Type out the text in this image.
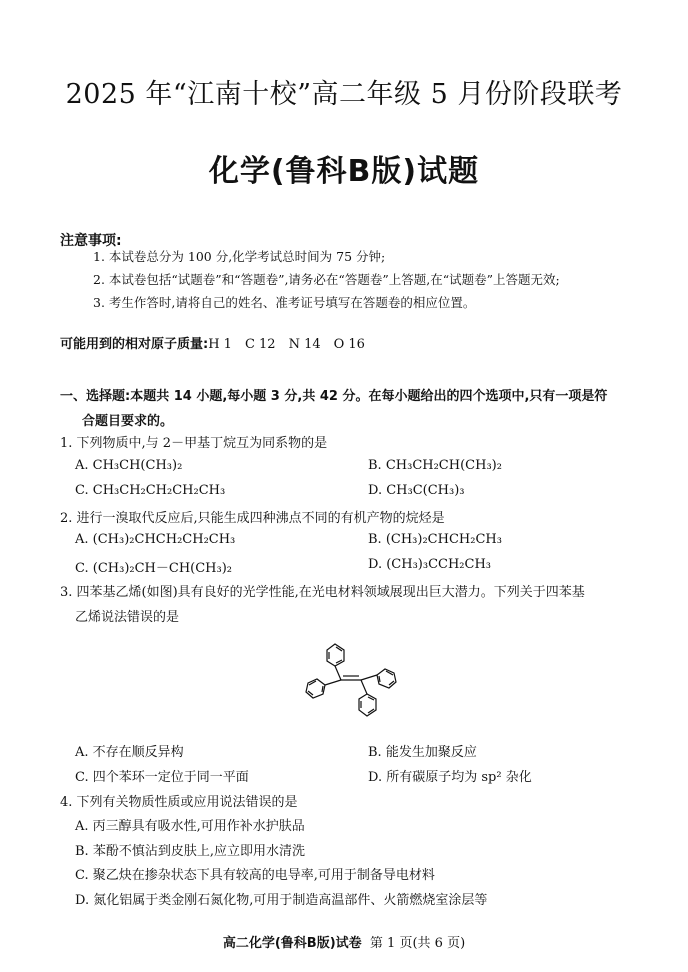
2025 年“江南十校”高二年级 5 月份阶段联考
化学(鲁科B版)试题
注意事项:
1. 本试卷总分为 100 分,化学考试总时间为 75 分钟;
2. 本试卷包括“试题卷”和“答题卷”,请务必在“答题卷”上答题,在“试题卷”上答题无效;
3. 考生作答时,请将自己的姓名、准考证号填写在答题卷的相应位置。
可能用到的相对原子质量:H 1　C 12　N 14　O 16
一、选择题:本题共 14 小题,每小题 3 分,共 42 分。在每小题给出的四个选项中,只有一项是符
合题目要求的。
1. 下列物质中,与 2－甲基丁烷互为同系物的是
A. CH₃CH(CH₃)₂	B. CH₃CH₂CH(CH₃)₂
C. CH₃CH₂CH₂CH₂CH₃	D. CH₃C(CH₃)₃
2. 进行一溴取代反应后,只能生成四种沸点不同的有机产物的烷烃是
A. (CH₃)₂CHCH₂CH₂CH₃	B. (CH₃)₂CHCH₂CH₃
C. (CH₃)₂CH－CH(CH₃)₂	D. (CH₃)₃CCH₂CH₃
3. 四苯基乙烯(如图)具有良好的光学性能,在光电材料领域展现出巨大潜力。下列关于四苯基
乙烯说法错误的是
A. 不存在顺反异构	B. 能发生加聚反应
C. 四个苯环一定位于同一平面	D. 所有碳原子均为 sp² 杂化
4. 下列有关物质性质或应用说法错误的是
A. 丙三醇具有吸水性,可用作补水护肤品
B. 苯酚不慎沾到皮肤上,应立即用水清洗
C. 聚乙炔在掺杂状态下具有较高的电导率,可用于制备导电材料
D. 氮化铝属于类金刚石氮化物,可用于制造高温部件、火箭燃烧室涂层等
高二化学(鲁科B版)试卷 第 1 页(共 6 页)
